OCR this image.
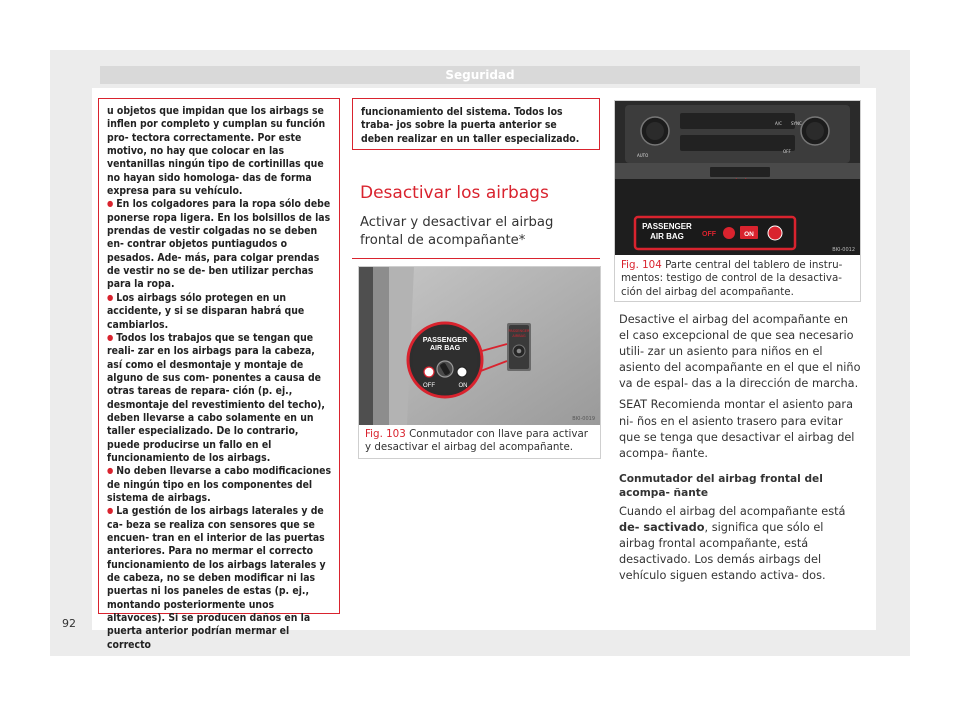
Seguridad

u objetos que impidan que los airbags se inflen por completo y cumplan su función pro- tectora correctamente. Por este motivo, no hay que colocar en las ventanillas ningún tipo de cortinillas que no hayan sido homologa- das de forma expresa para su vehículo.

● En los colgadores para la ropa sólo debe ponerse ropa ligera. En los bolsillos de las prendas de vestir colgadas no se deben en- contrar objetos puntiagudos o pesados. Ade- más, para colgar prendas de vestir no se de- ben utilizar perchas para la ropa.

● Los airbags sólo protegen en un accidente, y si se disparan habrá que cambiarlos.

● Todos los trabajos que se tengan que reali- zar en los airbags para la cabeza, así como el desmontaje y montaje de alguno de sus com- ponentes a causa de otras tareas de repara- ción (p. ej., desmontaje del revestimiento del techo), deben llevarse a cabo solamente en un taller especializado. De lo contrario, puede producirse un fallo en el funcionamiento de los airbags.

● No deben llevarse a cabo modificaciones de ningún tipo en los componentes del sistema de airbags.

● La gestión de los airbags laterales y de ca- beza se realiza con sensores que se encuen- tran en el interior de las puertas anteriores. Para no mermar el correcto funcionamiento de los airbags laterales y de cabeza, no se deben modificar ni las puertas ni los paneles de estas (p. ej., montando posteriormente unos altavoces). Si se producen daños en la puerta anterior podrían mermar el correcto

funcionamiento del sistema. Todos los traba- jos sobre la puerta anterior se deben realizar en un taller especializado.

Desactivar los airbags
Activar y desactivar el airbag frontal de acompañante*
PASSENGER
AIRBAG
PASSENGER
AIR BAG
OFF	ON
BKI-0019
Fig. 103 Conmutador con llave para activar y desactivar el airbag del acompañante.
AUTO
A/C SYNC
OFF
PASSENGER
AIR BAG	OFF	ON
BKI-0012
Fig. 104 Parte central del tablero de instru- mentos: testigo de control de la desactiva- ción del airbag del acompañante.

Desactive el airbag del acompañante en el caso excepcional de que sea necesario utili- zar un asiento para niños en el asiento del acompañante en el que el niño va de espal- das a la dirección de marcha.

SEAT Recomienda montar el asiento para ni- ños en el asiento trasero para evitar que se tenga que desactivar el airbag del acompa- ñante.

Conmutador del airbag frontal del acompa- ñante

Cuando el airbag del acompañante está de- sactivado, significa que sólo el airbag frontal acompañante, está desactivado. Los demás airbags del vehículo siguen estando activa- dos.

92
